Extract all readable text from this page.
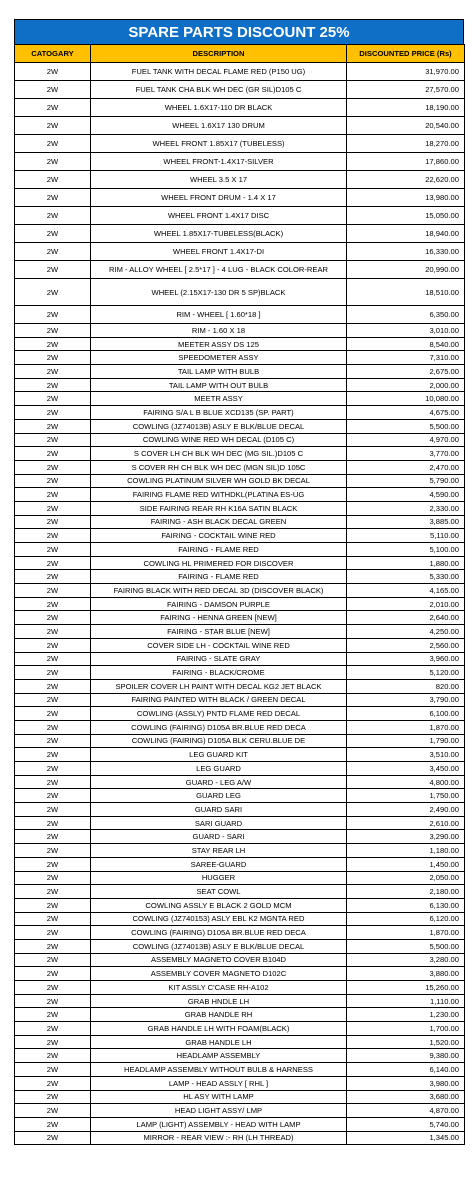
SPARE PARTS DISCOUNT 25%
CATOGARY	DESCRIPTION	DISCOUNTED PRICE (Rs)
2W	FUEL TANK WITH DECAL FLAME RED (P150 UG)	31,970.00
2W	FUEL TANK CHA BLK WH DEC (GR SIL)D105 C	27,570.00
2W	WHEEL 1.6X17-110 DR BLACK	18,190.00
2W	WHEEL 1.6X17 130 DRUM	20,540.00
2W	WHEEL FRONT 1.85X17 (TUBELESS)	18,270.00
2W	WHEEL FRONT-1.4X17-SILVER	17,860.00
2W	WHEEL 3.5 X 17	22,620.00
2W	WHEEL FRONT DRUM - 1.4 X 17	13,980.00
2W	WHEEL FRONT 1.4X17 DISC	15,050.00
2W	WHEEL 1.85X17-TUBELESS(BLACK)	18,940.00
2W	WHEEL FRONT 1.4X17-DI	16,330.00
2W	RIM - ALLOY WHEEL [ 2.5*17 ] - 4 LUG - BLACK COLOR-REAR	20,990.00
2W	WHEEL (2.15X17-130 DR 5 SP)BLACK	18,510.00
2W	RIM - WHEEL [ 1.60*18 ]	6,350.00
2W	RIM - 1.60 X 18	3,010.00
2W	MEETER ASSY DS 125	8,540.00
2W	SPEEDOMETER ASSY	7,310.00
2W	TAIL LAMP WITH BULB	2,675.00
2W	TAIL LAMP WITH OUT BULB	2,000.00
2W	MEETR ASSY	10,080.00
2W	FAIRING S/A L B BLUE XCD135 (SP. PART)	4,675.00
2W	COWLING (JZ74013B) ASLY E BLK/BLUE DECAL	5,500.00
2W	COWLING WINE RED WH DECAL (D105 C)	4,970.00
2W	S COVER LH CH BLK WH DEC (MG SIL.)D105 C	3,770.00
2W	S COVER RH CH BLK WH DEC (MGN SIL)D 105C	2,470.00
2W	COWLING PLATINUM SILVER WH GOLD BK DECAL	5,790.00
2W	FAIRING FLAME RED WITHDKL(PLATINA ES-UG	4,590.00
2W	SIDE FAIRING REAR RH K16A SATIN BLACK	2,330.00
2W	FAIRING - ASH BLACK DECAL GREEN	3,885.00
2W	FAIRING - COCKTAIL WINE RED	5,110.00
2W	FAIRING - FLAME RED	5,100.00
2W	COWLING HL PRIMERED FOR DISCOVER	1,880.00
2W	FAIRING - FLAME RED	5,330.00
2W	FAIRING BLACK WITH RED DECAL 3D (DISCOVER BLACK)	4,165.00
2W	FAIRING - DAMSON PURPLE	2,010.00
2W	FAIRING - HENNA GREEN [NEW]	2,640.00
2W	FAIRING - STAR BLUE [NEW]	4,250.00
2W	COVER SIDE LH - COCKTAIL WINE RED	2,560.00
2W	FAIRING - SLATE GRAY	3,960.00
2W	FAIRING - BLACK/CROME	5,120.00
2W	SPOILER COVER LH PAINT WITH DECAL KG2 JET BLACK	820.00
2W	FAIRING PAINTED WITH BLACK / GREEN DECAL	3,790.00
2W	COWLING (ASSLY) PNTD FLAME RED DECAL	6,100.00
2W	COWLING (FAIRING) D105A BR.BLUE RED DECA	1,870.00
2W	COWLING (FAIRING) D105A BLK CERU.BLUE DE	1,790.00
2W	LEG GUARD KIT	3,510.00
2W	LEG GUARD	3,450.00
2W	GUARD - LEG A/W	4,800.00
2W	GUARD LEG	1,750.00
2W	GUARD SARI	2,490.00
2W	SARI GUARD	2,610.00
2W	GUARD - SARI	3,290.00
2W	STAY REAR LH	1,180.00
2W	SAREE-GUARD	1,450.00
2W	HUGGER	2,050.00
2W	SEAT COWL	2,180.00
2W	COWLING ASSLY E BLACK 2 GOLD MCM	6,130.00
2W	COWLING (JZ740153) ASLY EBL K2 MGNTA RED	6,120.00
2W	COWLING (FAIRING) D105A BR.BLUE RED DECA	1,870.00
2W	COWLING (JZ74013B) ASLY E BLK/BLUE DECAL	5,500.00
2W	ASSEMBLY MAGNETO COVER B104D	3,280.00
2W	ASSEMBLY COVER MAGNETO D102C	3,880.00
2W	KIT ASSLY C'CASE RH-A102	15,260.00
2W	GRAB HNDLE LH	1,110.00
2W	GRAB HANDLE RH	1,230.00
2W	GRAB HANDLE LH WITH FOAM(BLACK)	1,700.00
2W	GRAB HANDLE LH	1,520.00
2W	HEADLAMP ASSEMBLY	9,380.00
2W	HEADLAMP ASSEMBLY WITHOUT BULB & HARNESS	6,140.00
2W	LAMP - HEAD ASSLY [ RHL ]	3,980.00
2W	HL ASY WITH LAMP	3,680.00
2W	HEAD LIGHT ASSY/ LMP	4,870.00
2W	LAMP (LIGHT) ASSEMBLY - HEAD WITH LAMP	5,740.00
2W	MIRROR - REAR VIEW :- RH (LH THREAD)	1,345.00
